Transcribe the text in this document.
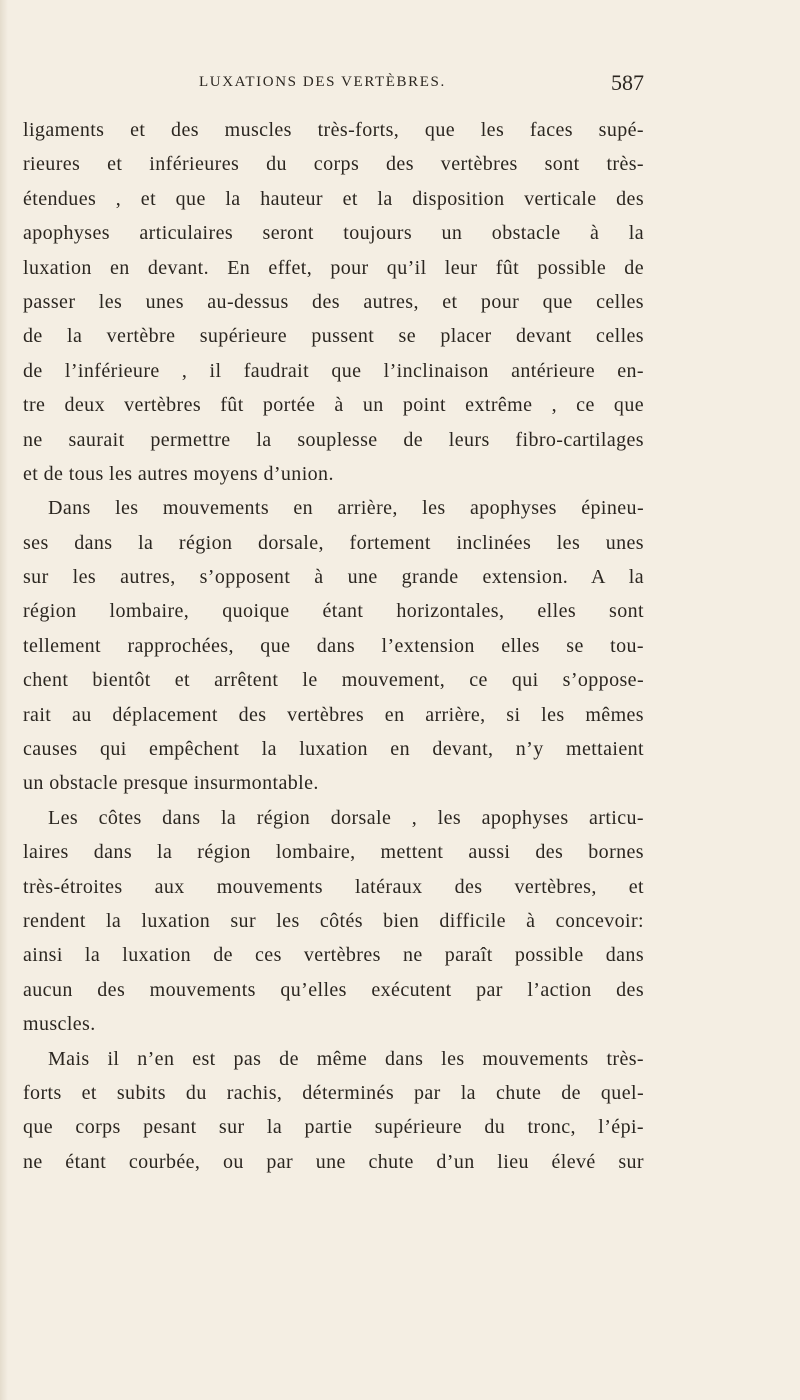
LUXATIONS DES VERTÈBRES.	587
ligaments et des muscles très-forts, que les faces supé-
rieures et inférieures du corps des vertèbres sont très-
étendues , et que la hauteur et la disposition verticale des
apophyses articulaires seront toujours un obstacle à la
luxation en devant. En effet, pour qu’il leur fût possible de
passer les unes au-dessus des autres, et pour que celles
de la vertèbre supérieure pussent se placer devant celles
de l’inférieure , il faudrait que l’inclinaison antérieure en-
tre deux vertèbres fût portée à un point extrême , ce que
ne saurait permettre la souplesse de leurs fibro-cartilages
et de tous les autres moyens d’union.
Dans les mouvements en arrière, les apophyses épineu-
ses dans la région dorsale, fortement inclinées les unes
sur les autres, s’opposent à une grande extension. A la
région lombaire, quoique étant horizontales, elles sont
tellement rapprochées, que dans l’extension elles se tou-
chent bientôt et arrêtent le mouvement, ce qui s’oppose-
rait au déplacement des vertèbres en arrière, si les mêmes
causes qui empêchent la luxation en devant, n’y mettaient
un obstacle presque insurmontable.
Les côtes dans la région dorsale , les apophyses articu-
laires dans la région lombaire, mettent aussi des bornes
très-étroites aux mouvements latéraux des vertèbres, et
rendent la luxation sur les côtés bien difficile à concevoir:
ainsi la luxation de ces vertèbres ne paraît possible dans
aucun des mouvements qu’elles exécutent par l’action des
muscles.
Mais il n’en est pas de même dans les mouvements très-
forts et subits du rachis, déterminés par la chute de quel-
que corps pesant sur la partie supérieure du tronc, l’épi-
ne étant courbée, ou par une chute d’un lieu élevé sur
